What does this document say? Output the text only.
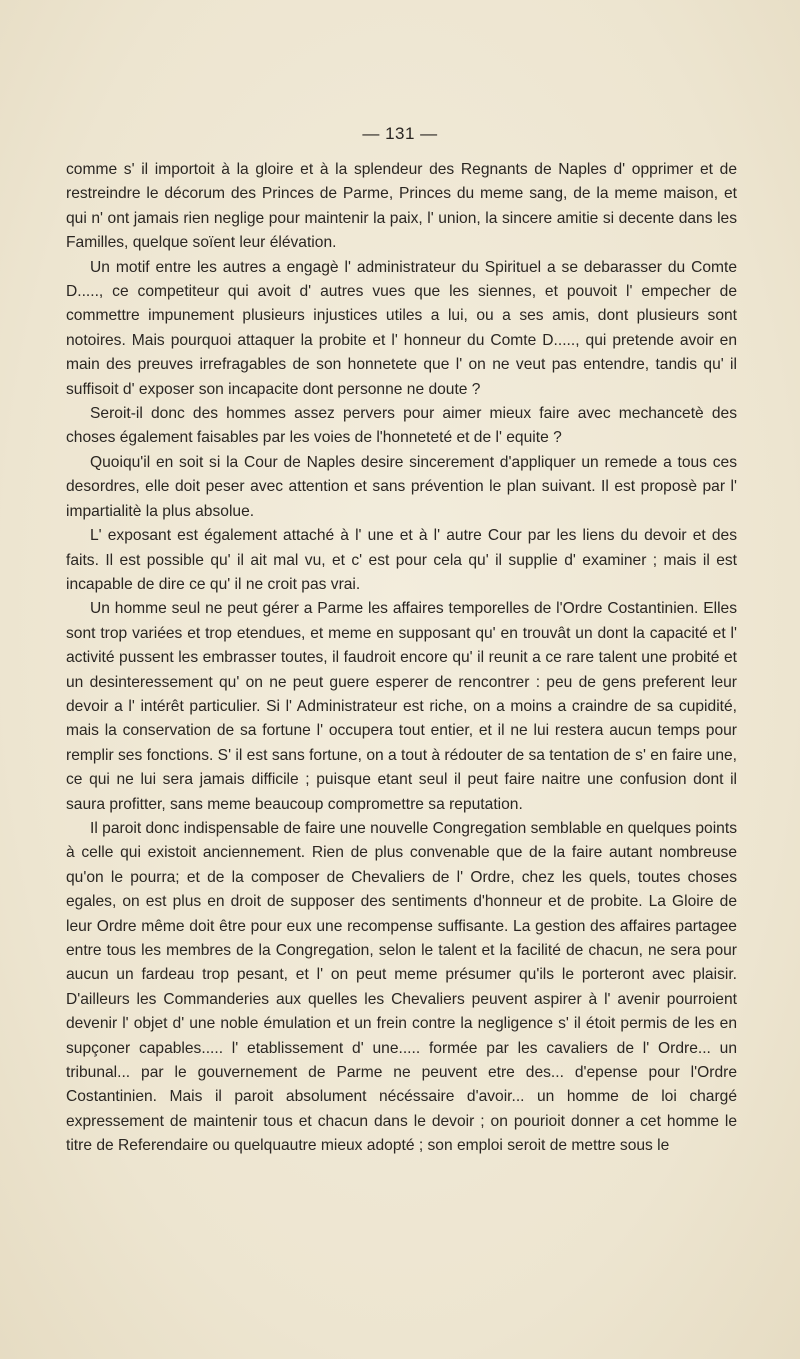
— 131 —

comme s' il importoit à la gloire et à la splendeur des Regnants de Naples d' opprimer et de restreindre le décorum des Princes de Parme, Princes du meme sang, de la meme maison, et qui n' ont jamais rien neglige pour maintenir la paix, l' union, la sincere amitie si decente dans les Familles, quelque soïent leur élévation.

Un motif entre les autres a engagè l' administrateur du Spirituel a se debarasser du Comte D....., ce competiteur qui avoit d' autres vues que les siennes, et pouvoit l' empecher de commettre impunement plusieurs injustices utiles a lui, ou a ses amis, dont plusieurs sont notoires. Mais pourquoi attaquer la probite et l' honneur du Comte D....., qui pretende avoir en main des preuves irrefragables de son honnetete que l' on ne veut pas entendre, tandis qu' il suffisoit d' exposer son incapacite dont personne ne doute ?

Seroit-il donc des hommes assez pervers pour aimer mieux faire avec mechancetè des choses également faisables par les voies de l'honneteté et de l' equite ?

Quoiqu'il en soit si la Cour de Naples desire sincerement d'appliquer un remede a tous ces desordres, elle doit peser avec attention et sans prévention le plan suivant. Il est proposè par l' impartialitè la plus absolue.

L' exposant est également attaché à l' une et à l' autre Cour par les liens du devoir et des faits. Il est possible qu' il ait mal vu, et c' est pour cela qu' il supplie d' examiner ; mais il est incapable de dire ce qu' il ne croit pas vrai.

Un homme seul ne peut gérer a Parme les affaires temporelles de l'Ordre Costantinien. Elles sont trop variées et trop etendues, et meme en supposant qu' en trouvât un dont la capacité et l' activité pussent les embrasser toutes, il faudroit encore qu' il reunit a ce rare talent une probité et un desinteressement qu' on ne peut guere esperer de rencontrer : peu de gens preferent leur devoir a l' intérêt particulier. Si l' Administrateur est riche, on a moins a craindre de sa cupidité, mais la conservation de sa fortune l' occupera tout entier, et il ne lui restera aucun temps pour remplir ses fonctions. S' il est sans fortune, on a tout à rédouter de sa tentation de s' en faire une, ce qui ne lui sera jamais difficile ; puisque etant seul il peut faire naitre une confusion dont il saura profitter, sans meme beaucoup compromettre sa reputation.

Il paroit donc indispensable de faire une nouvelle Congregation semblable en quelques points à celle qui existoit anciennement. Rien de plus convenable que de la faire autant nombreuse qu'on le pourra; et de la composer de Chevaliers de l' Ordre, chez les quels, toutes choses egales, on est plus en droit de supposer des sentiments d'honneur et de probite. La Gloire de leur Ordre même doit être pour eux une recompense suffisante. La gestion des affaires partagee entre tous les membres de la Congregation, selon le talent et la facilité de chacun, ne sera pour aucun un fardeau trop pesant, et l' on peut meme présumer qu'ils le porteront avec plaisir. D'ailleurs les Commanderies aux quelles les Chevaliers peuvent aspirer à l' avenir pourroient devenir l' objet d' une noble émulation et un frein contre la negligence s' il étoit permis de les en supçoner capables..... l' etablissement d' une..... formée par les cavaliers de l' Ordre... un tribunal... par le gouvernement de Parme ne peuvent etre des... d'epense pour l'Ordre Costantinien. Mais il paroit absolument nécéssaire d'avoir... un homme de loi chargé expressement de maintenir tous et chacun dans le devoir ; on pourioit donner a cet homme le titre de Referendaire ou quelquautre mieux adopté ; son emploi seroit de mettre sous le
